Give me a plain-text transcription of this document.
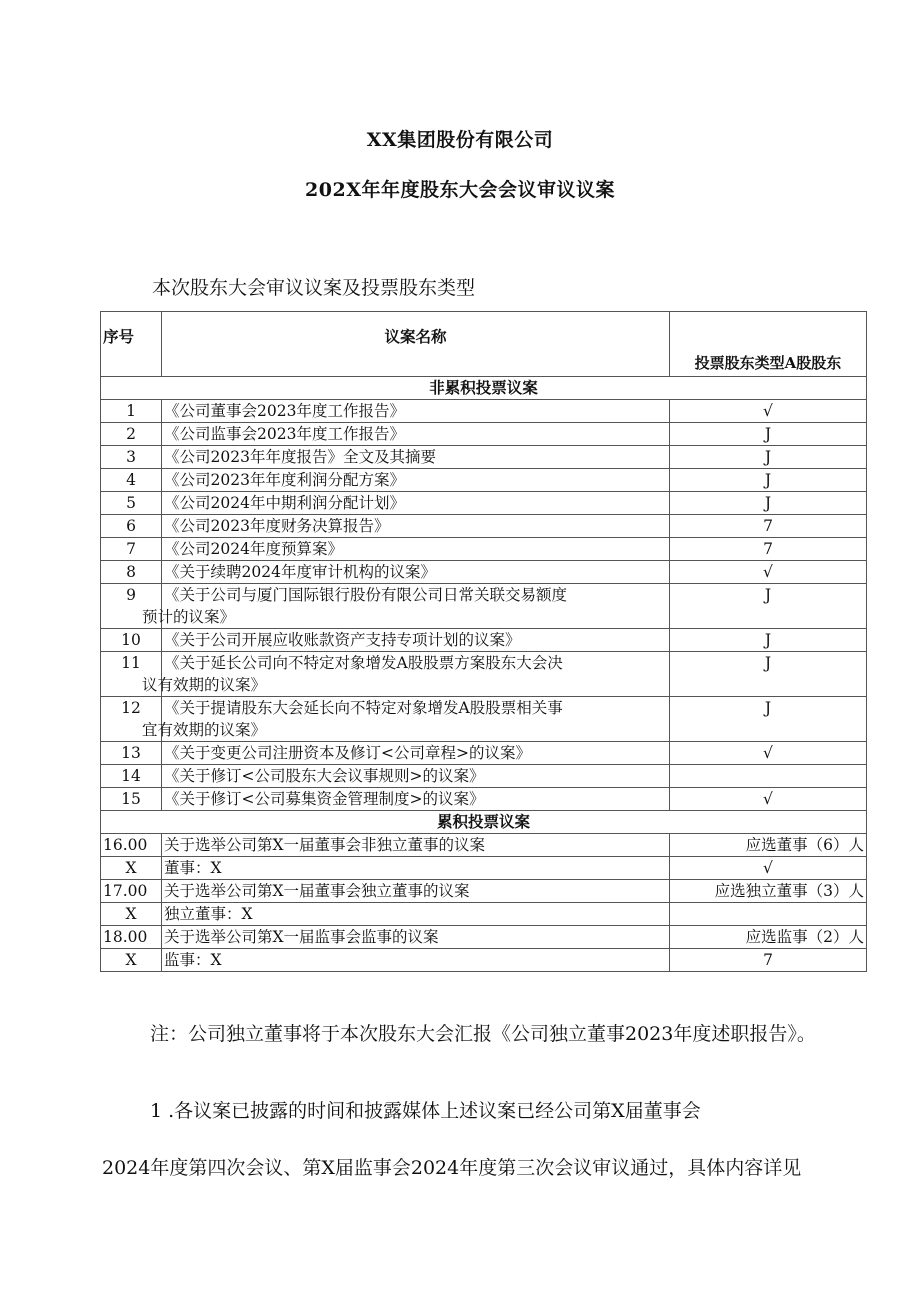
XX集团股份有限公司
202X年年度股东大会会议审议议案
本次股东大会审议议案及投票股东类型
序号	议案名称	投票股东类型A股股东
非累积投票议案		
1	《公司董事会2023年度工作报告》	√
2	《公司监事会2023年度工作报告》	J
3	《公司2023年年度报告》全文及其摘要	J
4	《公司2023年年度利润分配方案》	J
5	《公司2024年中期利润分配计划》	J
6	《公司2023年度财务决算报告》	7
7	《公司2024年度预算案》	7
8	《关于续聘2024年度审计机构的议案》	√
9	《关于公司与厦门国际银行股份有限公司日常关联交易额度
预计的议案》	J
10	《关于公司开展应收账款资产支持专项计划的议案》	J
11	《关于延长公司向不特定对象增发A股股票方案股东大会决
议有效期的议案》	J
12	《关于提请股东大会延长向不特定对象增发A股股票相关事
宜有效期的议案》	J
13	《关于变更公司注册资本及修订<公司章程>的议案》	√
14	《关于修订<公司股东大会议事规则>的议案》	

15	《关于修订<公司募集资金管理制度>的议案》	√
累积投票议案		
16.00	关于选举公司第X一届董事会非独立董事的议案	应选董事（6）人
X	董事：X	√
17.00	关于选举公司第X一届董事会独立董事的议案	应选独立董事（3）人
X	独立董事：X	
18.00	关于选举公司第X一届监事会监事的议案	应选监事（2）人
X	监事：X	7
注：公司独立董事将于本次股东大会汇报《公司独立董事2023年度述职报告》。
1 .各议案已披露的时间和披露媒体上述议案已经公司第X届董事会
2024年度第四次会议、第X届监事会2024年度第三次会议审议通过，具体内容详见
